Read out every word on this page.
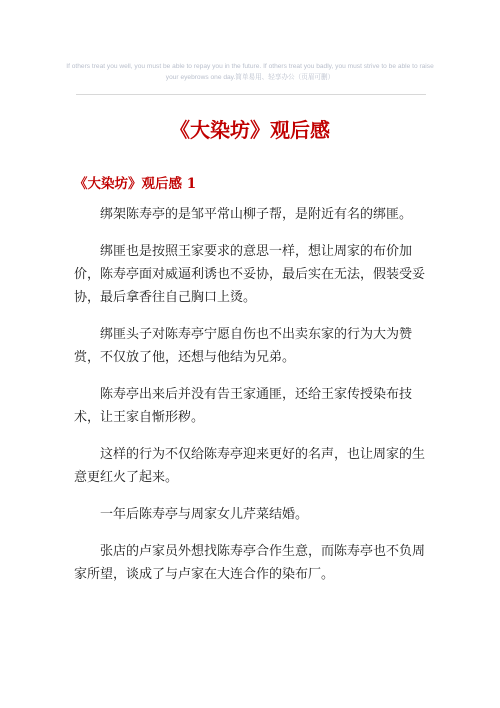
If others treat you well, you must be able to repay you in the future. If others treat you badly, you must strive to be able to raise your eyebrows one day.简单易用、轻享办公（页眉可删）
《大染坊》观后感
《大染坊》观后感 1

绑架陈寿亭的是邹平常山柳子帮，是附近有名的绑匪。

绑匪也是按照王家要求的意思一样，想让周家的布价加价，陈寿亭面对威逼利诱也不妥协，最后实在无法，假装受妥协，最后拿香往自己胸口上烫。

绑匪头子对陈寿亭宁愿自伤也不出卖东家的行为大为赞赏，不仅放了他，还想与他结为兄弟。

陈寿亭出来后并没有告王家通匪，还给王家传授染布技术，让王家自惭形秽。

这样的行为不仅给陈寿亭迎来更好的名声，也让周家的生意更红火了起来。

一年后陈寿亭与周家女儿芹菜结婚。

张店的卢家员外想找陈寿亭合作生意，而陈寿亭也不负周家所望，谈成了与卢家在大连合作的染布厂。
